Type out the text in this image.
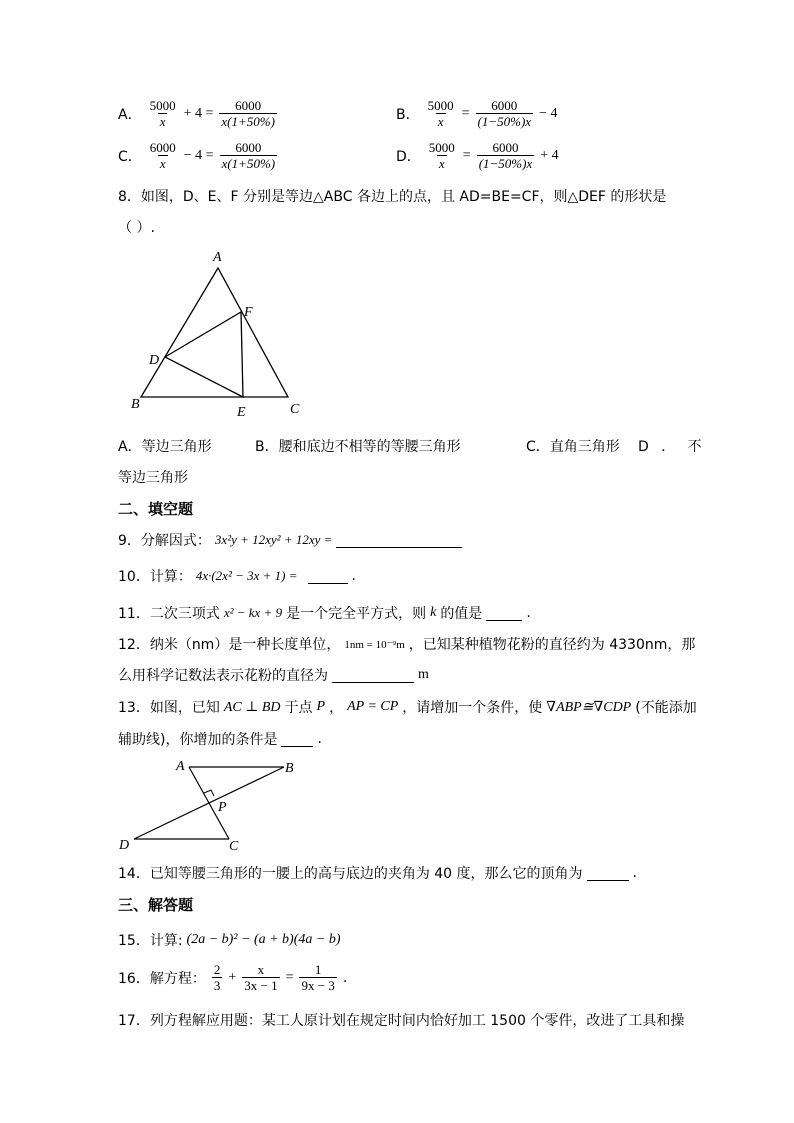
A． $\frac{5000}{x} + 4 = \frac{6000}{x(1+50\%)}$	B． $\frac{5000}{x} = \frac{6000}{(1-50\%)x} - 4$
C． $\frac{6000}{x} - 4 = \frac{6000}{x(1+50\%)}$	D． $\frac{5000}{x} = \frac{6000}{(1-50\%)x} + 4$
8．如图，D、E、F 分别是等边△ABC 各边上的点，且 AD=BE=CF，则△DEF 的形状是
（ ）.
A
B	C
D
E
F
A．等边三角形	B．腰和底边不相等的等腰三角形	C．直角三角形 D ． 不
等边三角形
二、填空题
9．分解因式： 3x²y + 12xy² + 12xy =
10．计算： 4x·(2x² − 3x + 1) =	.
11．二次三项式 x² − kx + 9 是一个完全平方式，则 k 的值是	.
12．纳米（nm）是一种长度单位， 1nm = 10⁻⁹m ，已知某种植物花粉的直径约为 4330nm，那
么用科学记数法表示花粉的直径为	m
13．如图，已知 AC ⊥ BD 于点 P ， AP = CP ，请增加一个条件，使 ∇ABP≅∇CDP (不能添加
辅助线)，你增加的条件是	.
A	B
P
D	C
14．已知等腰三角形的一腰上的高与底边的夹角为 40 度，那么它的顶角为	.
三、解答题
15．计算: (2a − b)² − (a + b)(4a − b)
16．解方程： $\frac{2}{3} + \frac{x}{3x - 1} = \frac{1}{9x - 3}$ .
17．列方程解应用题：某工人原计划在规定时间内恰好加工 1500 个零件，改进了工具和操
